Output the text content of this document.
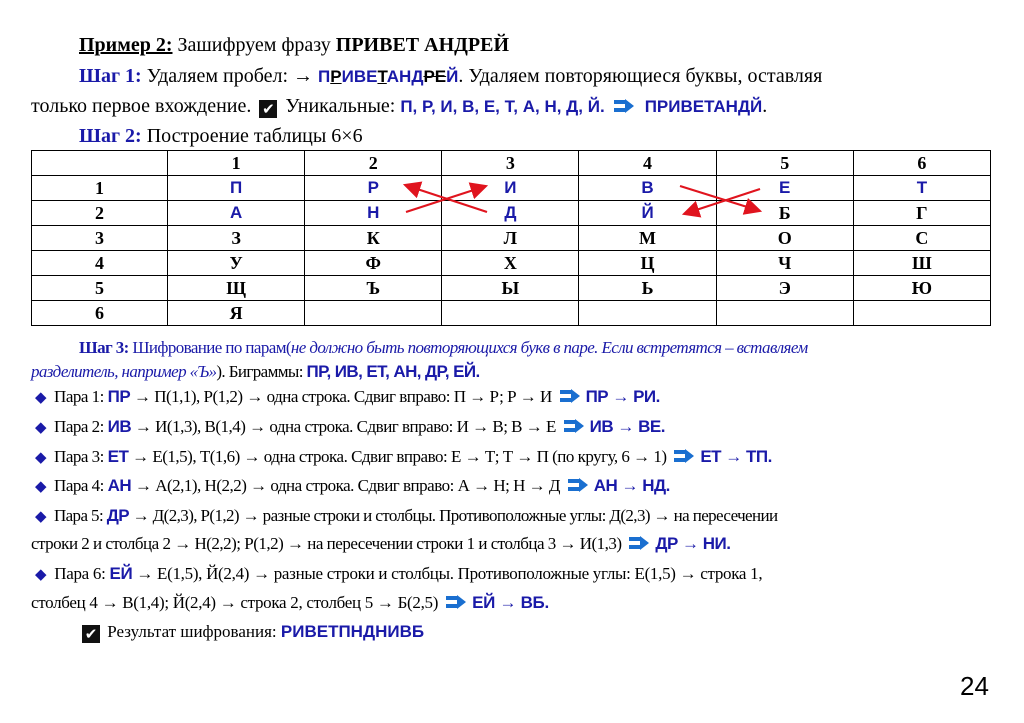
Пример 2: Зашифруем фразу ПРИВЕТ АНДРЕЙ
Шаг 1: Удаляем пробел: → ПРИВЕТАНДРЕЙ. Удаляем повторяющиеся буквы, оставляя
только первое вхождение. ✔ Уникальные: П, Р, И, В, Е, Т, А, Н, Д, Й. ПРИВЕТАНДЙ.
Шаг 2: Построение таблицы 6×6
	1	2	3	4	5	6
1	П	Р	И	В	Е	Т
2	А	Н	Д	Й	Б	Г
3	З	К	Л	М	О	С
4	У	Ф	Х	Ц	Ч	Ш
5	Щ	Ъ	Ы	Ь	Э	Ю
6	Я					
Шаг 3: Шифрование по парам(не должно быть повторяющихся букв в паре. Если встретятся – вставляем
разделитель, например «Ъ»). Биграммы: ПР, ИВ, ЕТ, АН, ДР, ЕЙ.
◆ Пара 1: ПР → П(1,1), Р(1,2) → одна строка. Сдвиг вправо: П → Р; Р → И ПР → РИ.
◆ Пара 2: ИВ → И(1,3), В(1,4) → одна строка. Сдвиг вправо: И → В; В → Е ИВ → ВЕ.
◆ Пара 3: ЕТ → Е(1,5), Т(1,6) → одна строка. Сдвиг вправо: Е → Т; Т → П (по кругу, 6 → 1) ЕТ → ТП.
◆ Пара 4: АН → А(2,1), Н(2,2) → одна строка. Сдвиг вправо: А → Н; Н → Д АН → НД.
◆ Пара 5: ДР → Д(2,3), Р(1,2) → разные строки и столбцы. Противоположные углы: Д(2,3) → на пересечении
строки 2 и столбца 2 → Н(2,2); Р(1,2) → на пересечении строки 1 и столбца 3 → И(1,3) ДР → НИ.
◆ Пара 6: ЕЙ → Е(1,5), Й(2,4) → разные строки и столбцы. Противоположные углы: Е(1,5) → строка 1,
столбец 4 → В(1,4); Й(2,4) → строка 2, столбец 5 → Б(2,5) ЕЙ → ВБ.
✔ Результат шифрования: РИВЕТПНДНИВБ
24
